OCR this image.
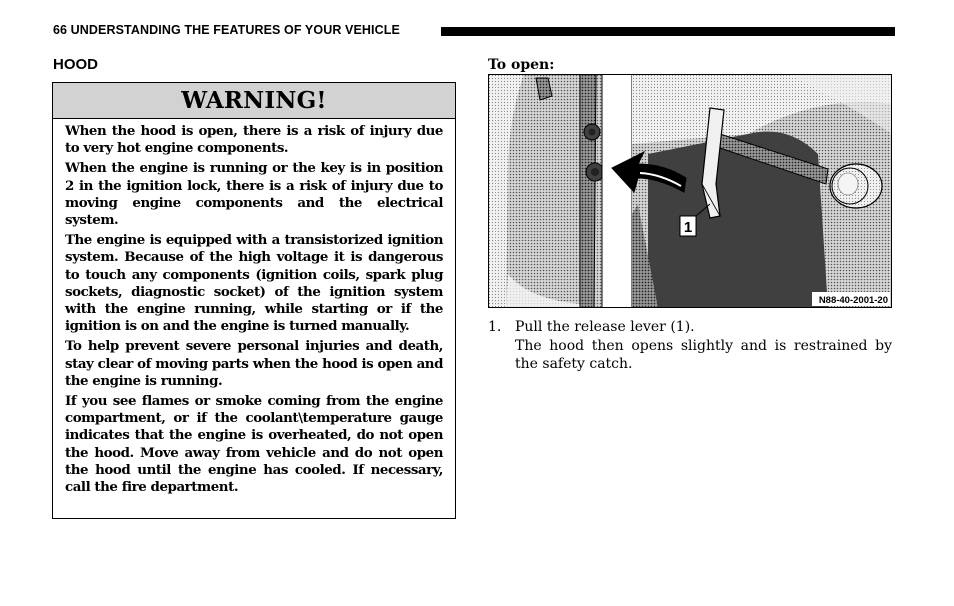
66 UNDERSTANDING THE FEATURES OF YOUR VEHICLE
HOOD
WARNING!

When the hood is open, there is a risk of injury due to very hot engine components.

When the engine is running or the key is in position 2 in the ignition lock, there is a risk of injury due to moving engine components and the electrical system.

The engine is equipped with a transistorized ignition system. Because of the high voltage it is dangerous to touch any components (ignition coils, spark plug sockets, diagnostic socket) of the ignition system with the engine running, while starting or if the ignition is on and the engine is turned manually.

To help prevent severe personal injuries and death, stay clear of moving parts when the hood is open and the engine is running.

If you see flames or smoke coming from the engine compartment, or if the coolant\temperature gauge indicates that the engine is overheated, do not open the hood. Move away from vehicle and do not open the hood until the engine has cooled. If necessary, call the fire department.

To open:
1
N88-40-2001-20
1. Pull the release lever (1).
The hood then opens slightly and is restrained by the safety catch.
